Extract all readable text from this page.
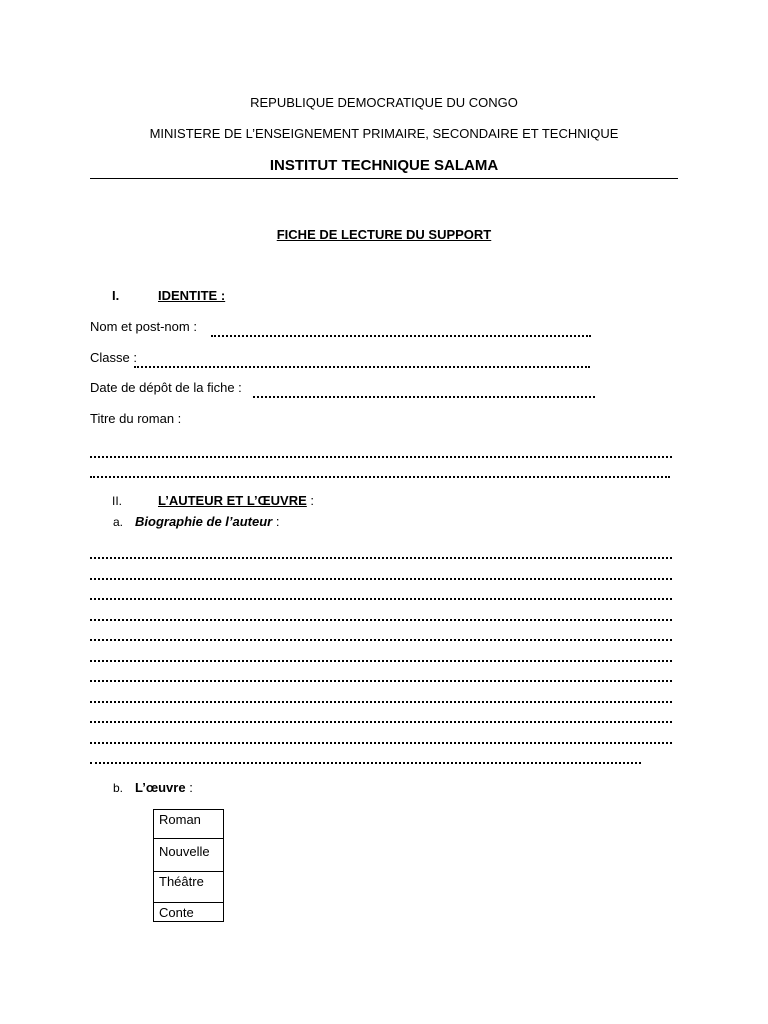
REPUBLIQUE DEMOCRATIQUE DU CONGO
MINISTERE DE L’ENSEIGNEMENT PRIMAIRE, SECONDAIRE ET TECHNIQUE
INSTITUT TECHNIQUE SALAMA
FICHE DE LECTURE DU SUPPORT
I.	IDENTITE :
Nom et post-nom :
Classe :
Date de dépôt de la fiche :
Titre du roman :
II.	L’AUTEUR ET L’ŒUVRE :
a. Biographie de l’auteur :
b. L’œuvre :
Roman
Nouvelle
Théâtre
Conte
